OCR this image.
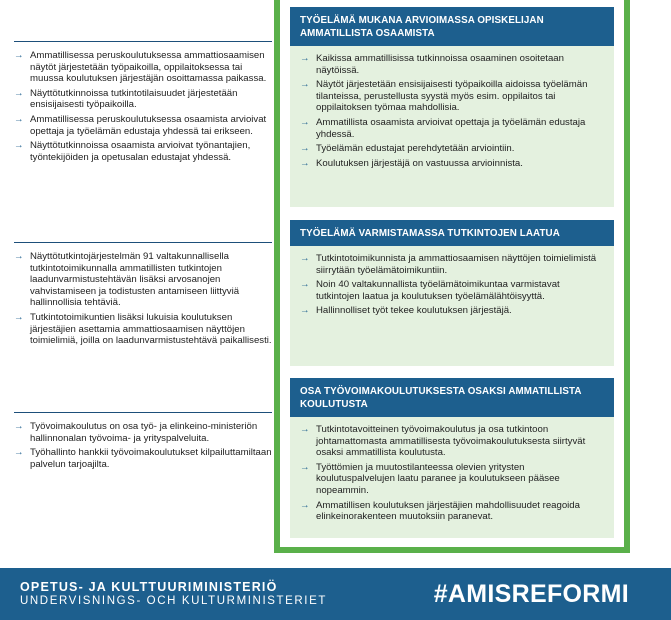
→ Ammatillisessa peruskoulutuksessa ammattiosaamisen näytöt järjestetään työpaikoilla, oppilaitoksessa tai muussa koulutuksen järjestäjän osoittamassa paikassa.
→ Näyttötutkinnoissa tutkintotilaisuudet järjestetään ensisijaisesti työpaikoilla.
→ Ammatillisessa peruskoulutuksessa osaamista arvioivat opettaja ja työelämän edustaja yhdessä tai erikseen.
→ Näyttötutkinnoissa osaamista arvioivat työnantajien, työntekijöiden ja opetusalan edustajat yhdessä.
→ Näyttötutkintojärjestelmän 91 valtakunnallisella tutkintotoimikunnalla ammatillisten tutkintojen laadunvarmistustehtävän lisäksi arvosanojen vahvistamiseen ja todistusten antamiseen liittyviä hallinnollisia tehtäviä.
→ Tutkintotoimikuntien lisäksi lukuisia koulutuksen järjestäjien asettamia ammattiosaamisen näyttöjen toimielimiä, joilla on laadunvarmistustehtävä paikallisesti.
→ Työvoimakoulutus on osa työ- ja elinkeino-ministeriön hallinnonalan työvoima- ja yrityspalveluita.
→ Työhallinto hankkii työvoimakoulutukset kilpailuttamiltaan palvelun tarjoajilta.
TYÖELÄMÄ MUKANA ARVIOIMASSA OPISKELIJAN AMMATILLISTA OSAAMISTA
→ Kaikissa ammatillisissa tutkinnoissa osaaminen osoitetaan näytöissä.
→ Näytöt järjestetään ensisijaisesti työpaikoilla aidoissa työelämän tilanteissa, perustellusta syystä myös esim. oppilaitos tai oppilaitoksen työmaa mahdollisia.
→ Ammatillista osaamista arvioivat opettaja ja työelämän edustaja yhdessä.
→ Työelämän edustajat perehdytetään arviointiin.
→ Koulutuksen järjestäjä on vastuussa arvioinnista.
TYÖELÄMÄ VARMISTAMASSA TUTKINTOJEN LAATUA
→ Tutkintotoimikunnista ja ammattiosaamisen näyttöjen toimielimistä siirrytään työelämätoimikuntiin.
→ Noin 40 valtakunnallista työelämätoimikuntaa varmistavat tutkintojen laatua ja koulutuksen työelämälähtöisyyttä.
→ Hallinnolliset työt tekee koulutuksen järjestäjä.
OSA TYÖVOIMAKOULUTUKSESTA OSAKSI AMMATILLISTA KOULUTUSTA
→ Tutkintotavoitteinen työvoimakoulutus ja osa tutkintoon johtamattomasta ammatillisesta työvoimakoulutuksesta siirtyvät osaksi ammatillista koulutusta.
→ Työttömien ja muutostilanteessa olevien yritysten koulutuspalvelujen laatu paranee ja koulutukseen pääsee nopeammin.
→ Ammatillisen koulutuksen järjestäjien mahdollisuudet reagoida elinkeinorakenteen muutoksiin paranevat.
OPETUS- JA KULTTUURIMINISTERIÖ
UNDERVISNINGS- OCH KULTURMINISTERIET	#AMISREFORMI
